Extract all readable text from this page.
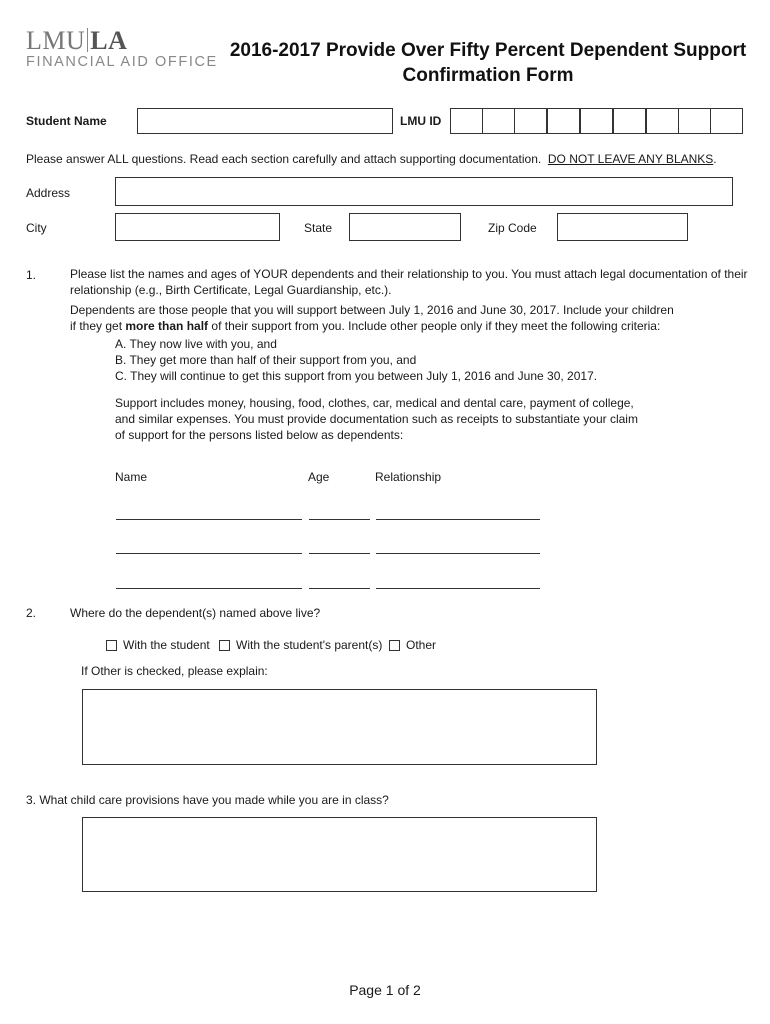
LMU LA
FINANCIAL AID OFFICE
2016-2017 Provide Over Fifty Percent Dependent Support
Confirmation Form
Student Name	LMU ID
Please answer ALL questions. Read each section carefully and attach supporting documentation. DO NOT LEAVE ANY BLANKS.
Address
City	State	Zip Code
1.	Please list the names and ages of YOUR dependents and their relationship to you. You must attach legal documentation of their
relationship (e.g., Birth Certificate, Legal Guardianship, etc.).
Dependents are those people that you will support between July 1, 2016 and June 30, 2017. Include your children
if they get more than half of their support from you. Include other people only if they meet the following criteria:
A. They now live with you, and
B. They get more than half of their support from you, and
C. They will continue to get this support from you between July 1, 2016 and June 30, 2017.
Support includes money, housing, food, clothes, car, medical and dental care, payment of college,
and similar expenses. You must provide documentation such as receipts to substantiate your claim
of support for the persons listed below as dependents:
Name	Age	Relationship
2.	Where do the dependent(s) named above live?
With the student With the student's parent(s) Other
If Other is checked, please explain:
3. What child care provisions have you made while you are in class?
Page 1 of 2
